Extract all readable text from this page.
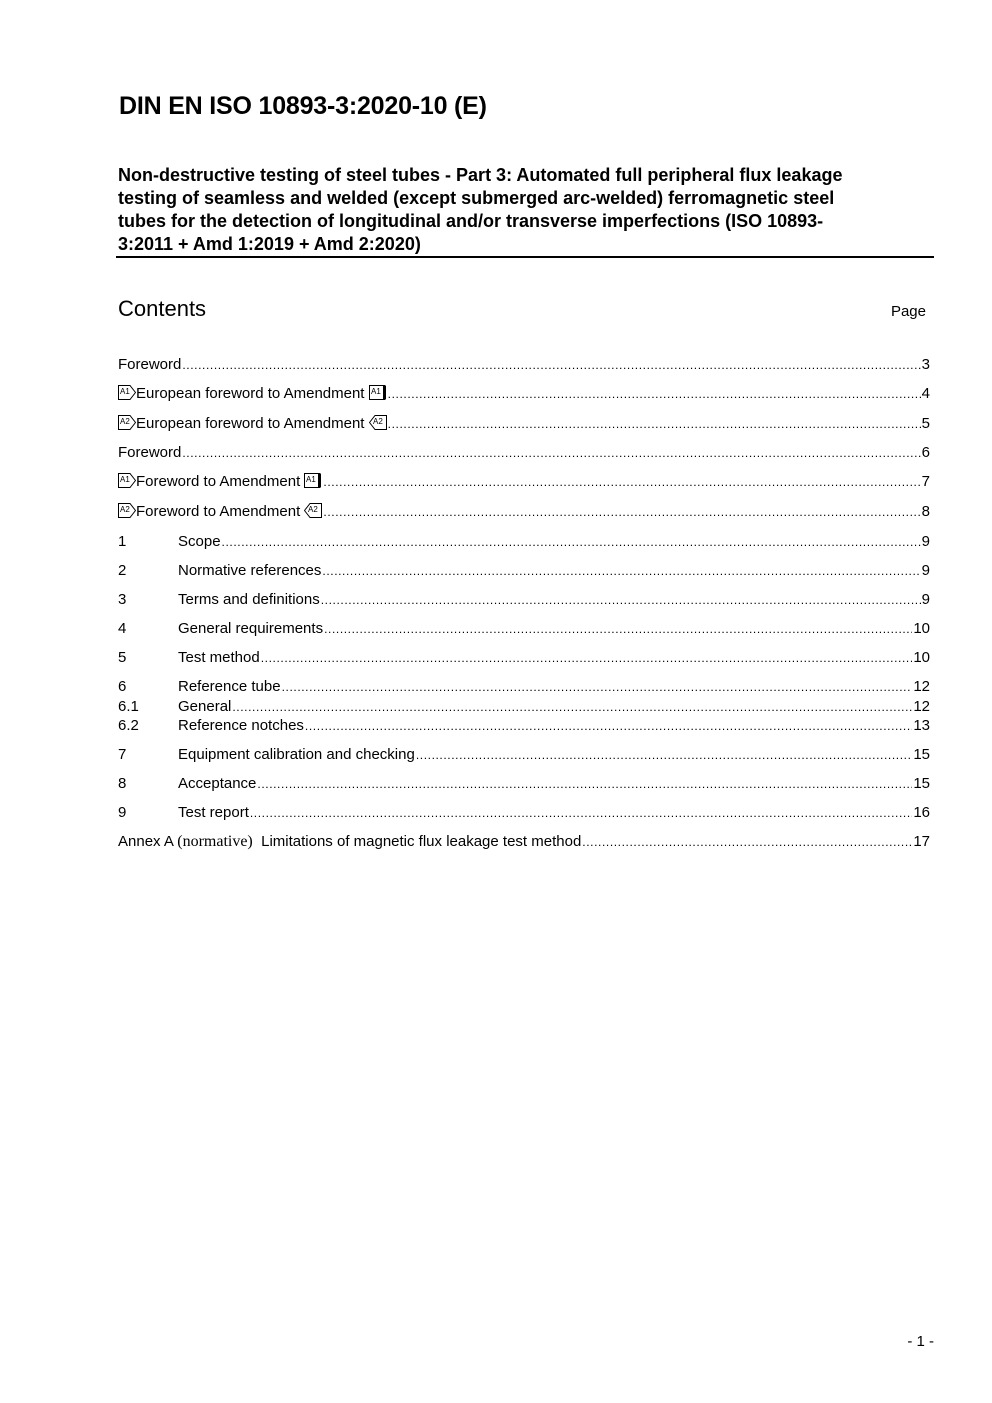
DIN EN ISO 10893-3:2020-10 (E)
Non-destructive testing of steel tubes - Part 3: Automated full peripheral flux leakage
testing of seamless and welded (except submerged arc-welded) ferromagnetic steel
tubes for the detection of longitudinal and/or transverse imperfections (ISO 10893-
3:2011 + Amd 1:2019 + Amd 2:2020)
Contents	Page
Foreword .....	3
A1 European foreword to Amendment A1 .....	4
A2 European foreword to Amendment A2 .....	5
Foreword .....	6
A1 Foreword to Amendment A1 .....	7
A2 Foreword to Amendment A2 .....	8
1	Scope .....	9
2	Normative references .....	9
3	Terms and definitions .....	9
4	General requirements .....	10
5	Test method .....	10
6	Reference tube .....	12
6.1	General .....	12
6.2	Reference notches .....	13
7	Equipment calibration and checking .....	15
8	Acceptance .....	15
9	Test report .....	16
Annex A (normative) Limitations of magnetic flux leakage test method .....	17
- 1 -
